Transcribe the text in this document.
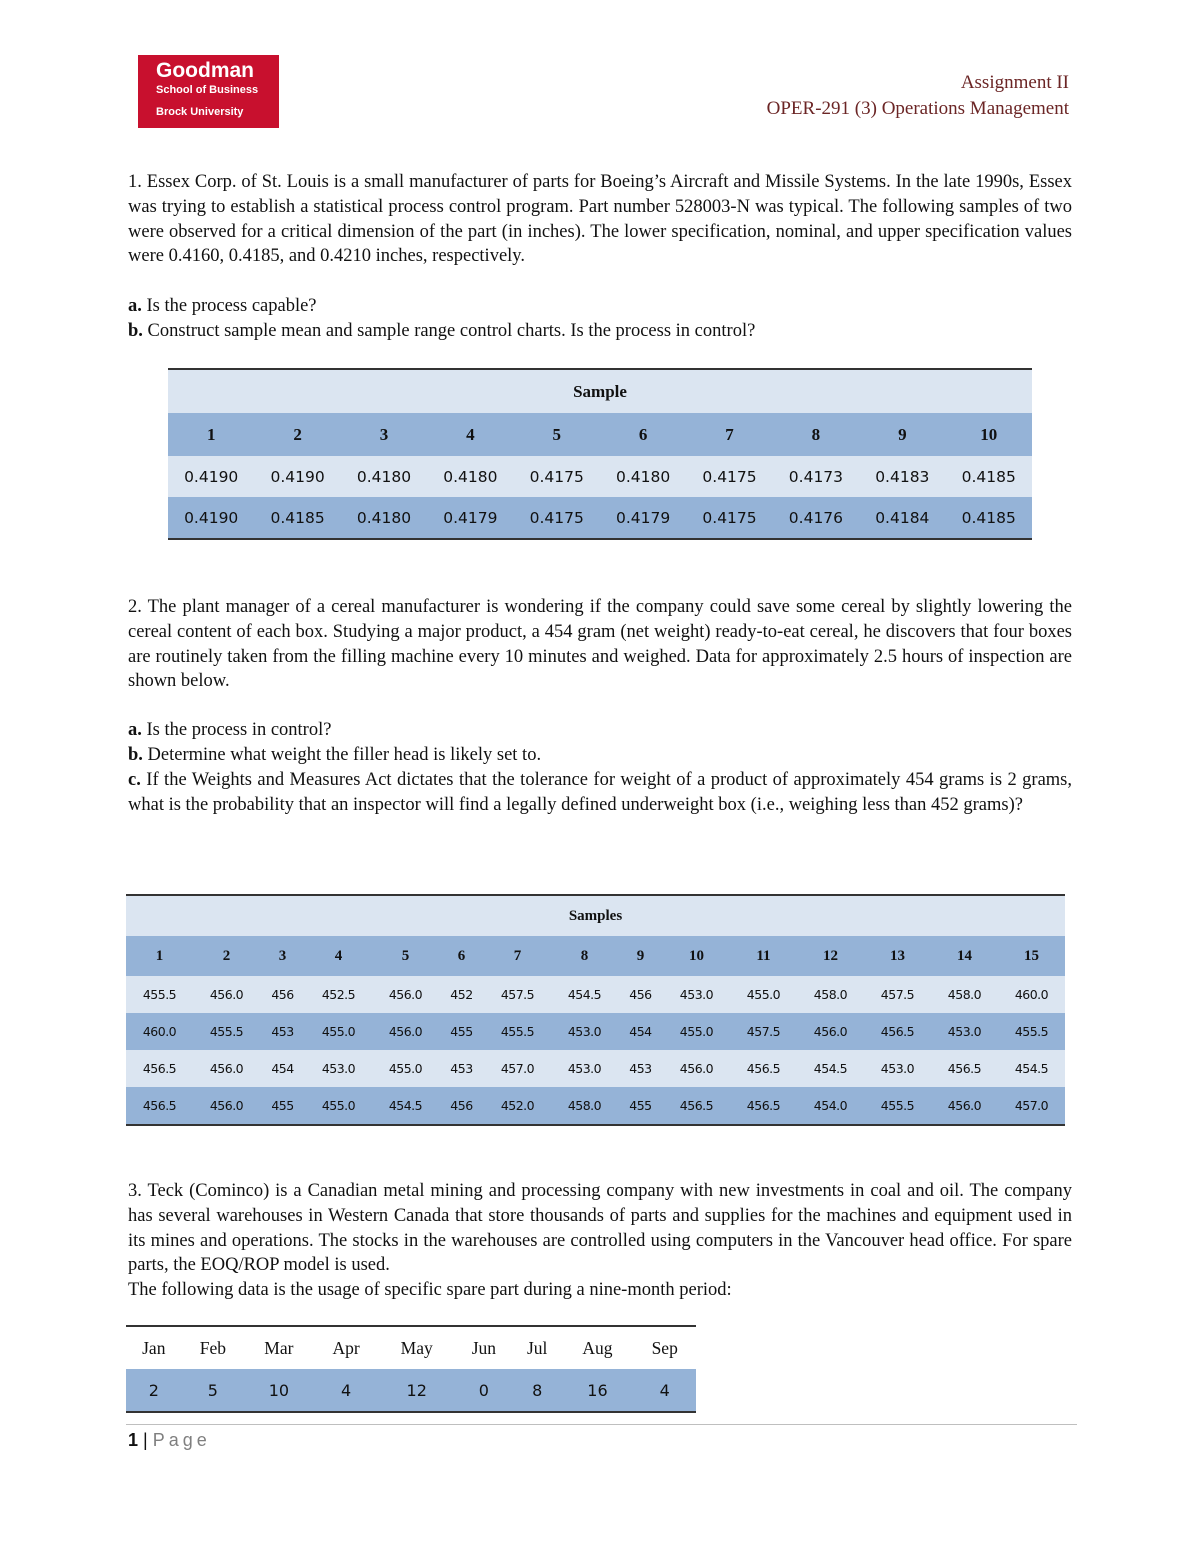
Goodman
School of Business
Brock University
Assignment II
OPER-291 (3) Operations Management

1. Essex Corp. of St. Louis is a small manufacturer of parts for Boeing’s Aircraft and Missile Systems. In the late 1990s, Essex was trying to establish a statistical process control program. Part number 528003-N was typical. The following samples of two were observed for a critical dimension of the part (in inches). The lower specification, nominal, and upper specification values were 0.4160, 0.4185, and 0.4210 inches, respectively.

a. Is the process capable?

b. Construct sample mean and sample range control charts. Is the process in control?

Sample									
1	2	3	4	5	6	7	8	9	10
0.4190	0.4190	0.4180	0.4180	0.4175	0.4180	0.4175	0.4173	0.4183	0.4185
0.4190	0.4185	0.4180	0.4179	0.4175	0.4179	0.4175	0.4176	0.4184	0.4185

2. The plant manager of a cereal manufacturer is wondering if the company could save some cereal by slightly lowering the cereal content of each box. Studying a major product, a 454 gram (net weight) ready-to-eat cereal, he discovers that four boxes are routinely taken from the filling machine every 10 minutes and weighed. Data for approximately 2.5 hours of inspection are shown below.

a. Is the process in control?

b. Determine what weight the filler head is likely set to.

c. If the Weights and Measures Act dictates that the tolerance for weight of a product of approximately 454 grams is 2 grams, what is the probability that an inspector will find a legally defined underweight box (i.e., weighing less than 452 grams)?

Samples														
1	2	3	4	5	6	7	8	9	10	11	12	13	14	15
455.5	456.0	456	452.5	456.0	452	457.5	454.5	456	453.0	455.0	458.0	457.5	458.0	460.0
460.0	455.5	453	455.0	456.0	455	455.5	453.0	454	455.0	457.5	456.0	456.5	453.0	455.5
456.5	456.0	454	453.0	455.0	453	457.0	453.0	453	456.0	456.5	454.5	453.0	456.5	454.5
456.5	456.0	455	455.0	454.5	456	452.0	458.0	455	456.5	456.5	454.0	455.5	456.0	457.0

3. Teck (Cominco) is a Canadian metal mining and processing company with new investments in coal and oil. The company has several warehouses in Western Canada that store thousands of parts and supplies for the machines and equipment used in its mines and operations. The stocks in the warehouses are controlled using computers in the Vancouver head office. For spare parts, the EOQ/ROP model is used.

The following data is the usage of specific spare part during a nine-month period:

Jan	Feb	Mar	Apr	May	Jun	Jul	Aug	Sep
2	5	10	4	12	0	8	16	4
1 | Page
